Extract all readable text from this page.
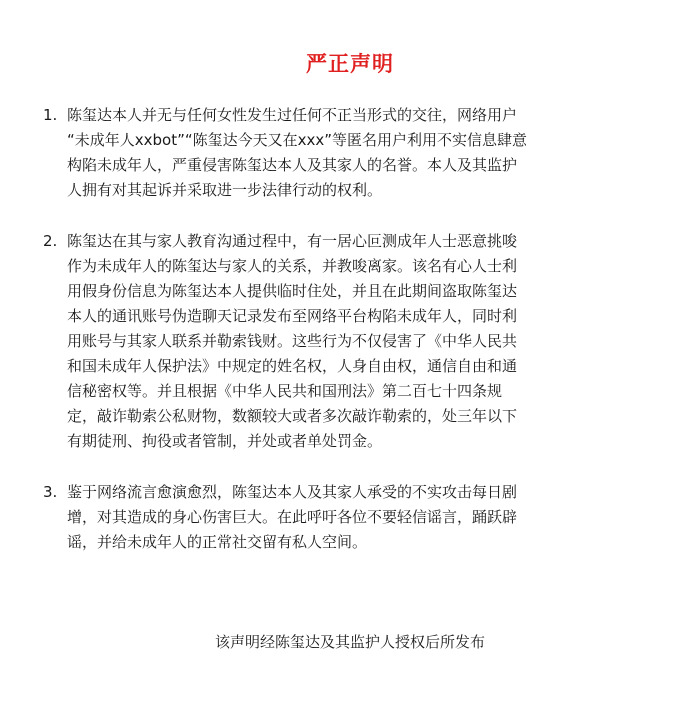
严正声明
1. 陈玺达本人并无与任何女性发生过任何不正当形式的交往，网络用户
“未成年人xxbot”“陈玺达今天又在xxx”等匿名用户利用不实信息肆意
构陷未成年人，严重侵害陈玺达本人及其家人的名誉。本人及其监护
人拥有对其起诉并采取进一步法律行动的权利。
2. 陈玺达在其与家人教育沟通过程中，有一居心叵测成年人士恶意挑唆
作为未成年人的陈玺达与家人的关系，并教唆离家。该名有心人士利
用假身份信息为陈玺达本人提供临时住处，并且在此期间盗取陈玺达
本人的通讯账号伪造聊天记录发布至网络平台构陷未成年人，同时利
用账号与其家人联系并勒索钱财。这些行为不仅侵害了《中华人民共
和国未成年人保护法》中规定的姓名权，人身自由权，通信自由和通
信秘密权等。并且根据《中华人民共和国刑法》第二百七十四条规
定，敲诈勒索公私财物，数额较大或者多次敲诈勒索的，处三年以下
有期徒刑、拘役或者管制，并处或者单处罚金。
3. 鉴于网络流言愈演愈烈，陈玺达本人及其家人承受的不实攻击每日剧
增，对其造成的身心伤害巨大。在此呼吁各位不要轻信谣言，踊跃辟
谣，并给未成年人的正常社交留有私人空间。
该声明经陈玺达及其监护人授权后所发布
